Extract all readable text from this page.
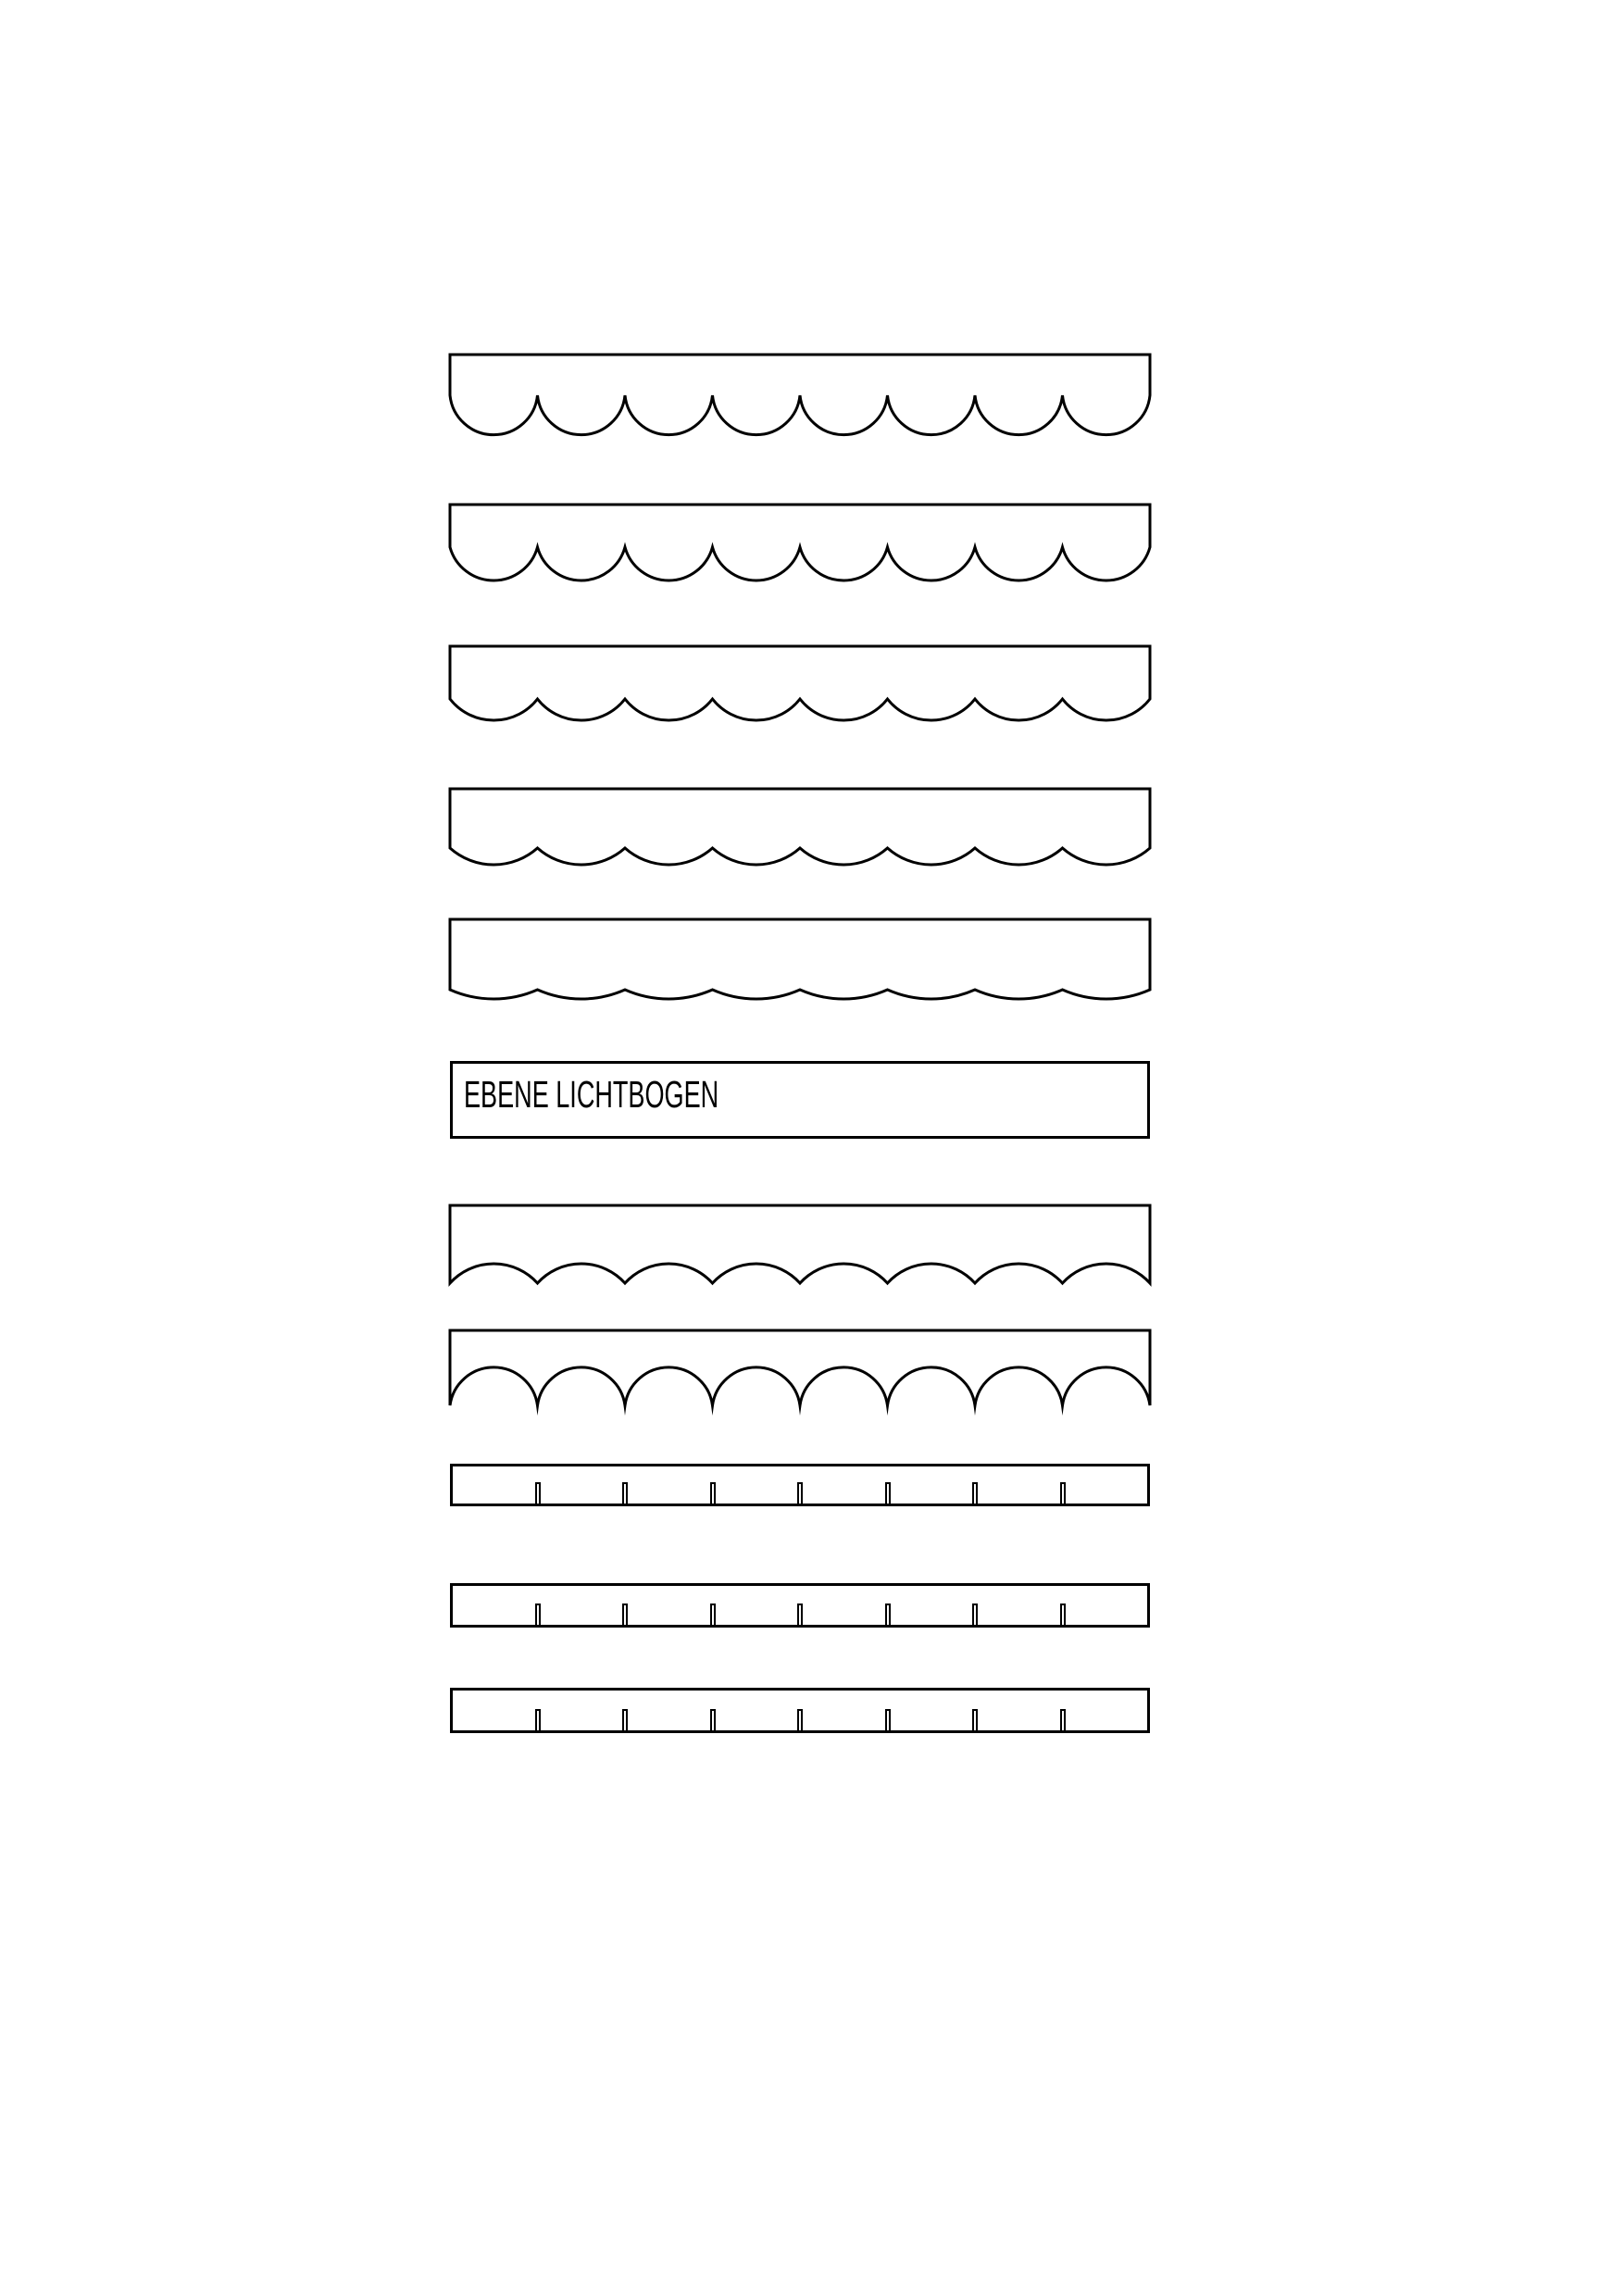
EBENE LICHTBOGEN
